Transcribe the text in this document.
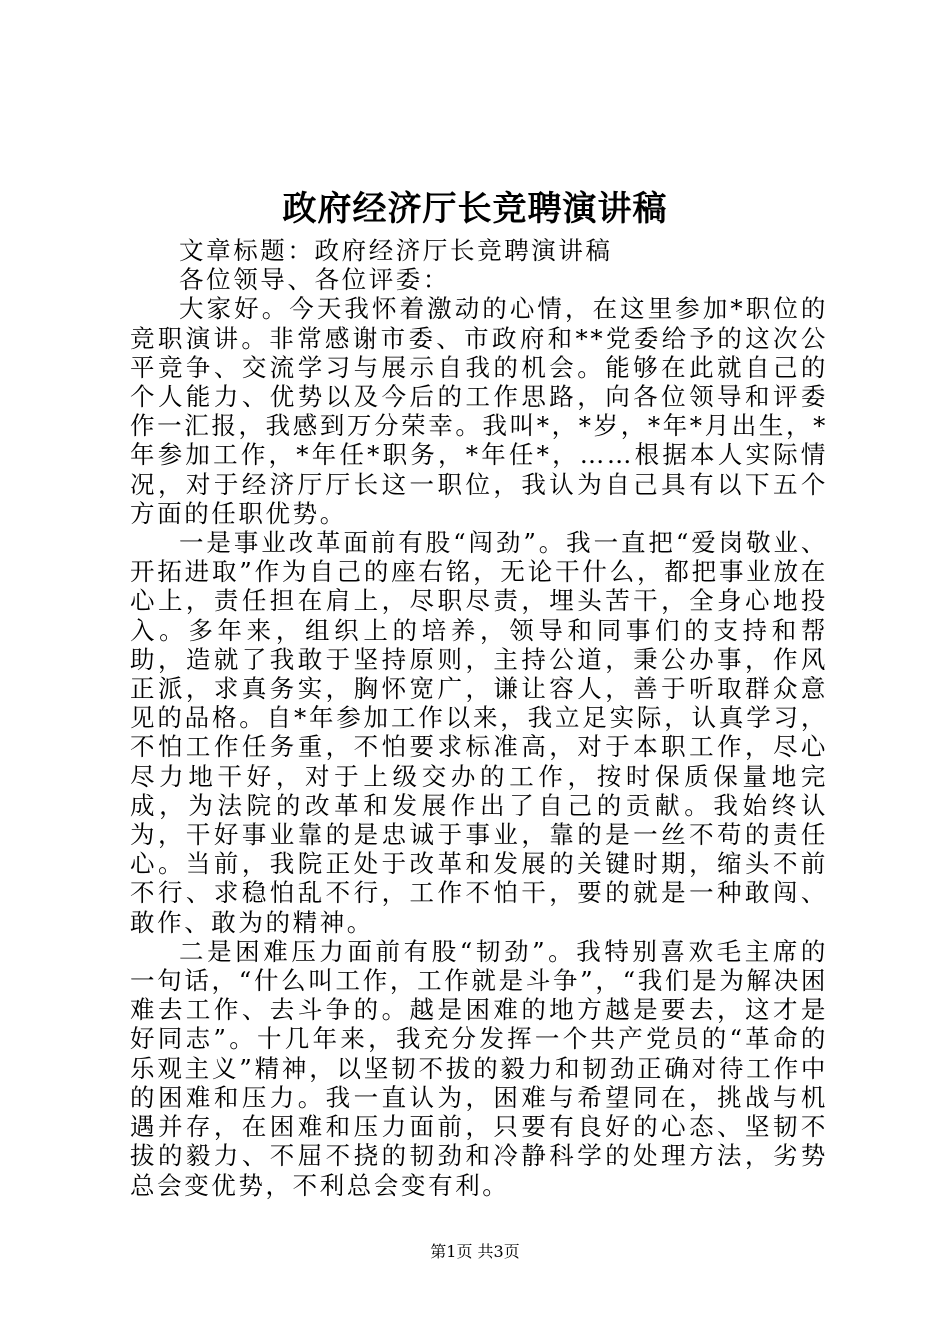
政府经济厅长竞聘演讲稿

文章标题：政府经济厅长竞聘演讲稿

各位领导、各位评委：

大家好。今天我怀着激动的心情，在这里参加*职位的竞职演讲。非常感谢市委、市政府和**党委给予的这次公平竞争、交流学习与展示自我的机会。能够在此就自己的个人能力、优势以及今后的工作思路，向各位领导和评委作一汇报，我感到万分荣幸。我叫*，*岁，*年*月出生，*年参加工作，*年任*职务，*年任*，……根据本人实际情况，对于经济厅厅长这一职位，我认为自己具有以下五个方面的任职优势。

一是事业改革面前有股“闯劲”。我一直把“爱岗敬业、开拓进取”作为自己的座右铭，无论干什么，都把事业放在心上，责任担在肩上，尽职尽责，埋头苦干，全身心地投入。多年来，组织上的培养，领导和同事们的支持和帮助，造就了我敢于坚持原则，主持公道，秉公办事，作风正派，求真务实，胸怀宽广，谦让容人，善于听取群众意见的品格。自*年参加工作以来，我立足实际，认真学习，不怕工作任务重，不怕要求标准高，对于本职工作，尽心尽力地干好，对于上级交办的工作，按时保质保量地完成，为法院的改革和发展作出了自己的贡献。我始终认为，干好事业靠的是忠诚于事业，靠的是一丝不苟的责任心。当前，我院正处于改革和发展的关键时期，缩头不前不行、求稳怕乱不行，工作不怕干，要的就是一种敢闯、敢作、敢为的精神。

二是困难压力面前有股“韧劲”。我特别喜欢毛主席的一句话，“什么叫工作，工作就是斗争”，“我们是为解决困难去工作、去斗争的。越是困难的地方越是要去，这才是好同志”。十几年来，我充分发挥一个共产党员的“革命的乐观主义”精神，以坚韧不拔的毅力和韧劲正确对待工作中的困难和压力。我一直认为，困难与希望同在，挑战与机遇并存，在困难和压力面前，只要有良好的心态、坚韧不拔的毅力、不屈不挠的韧劲和冷静科学的处理方法，劣势总会变优势，不利总会变有利。

第1页 共3页
